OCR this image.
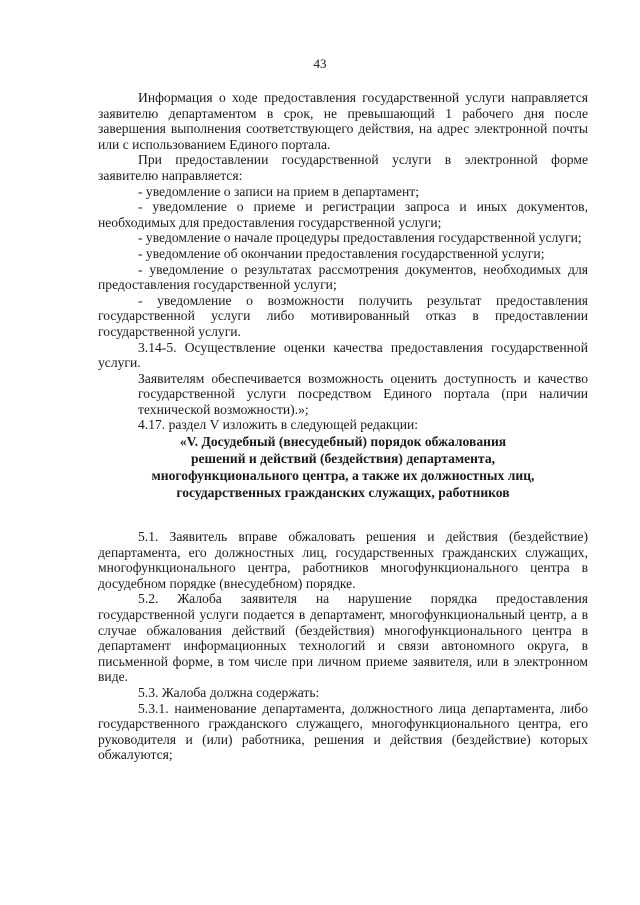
43

Информация о ходе предоставления государственной услуги направляется заявителю департаментом в срок, не превышающий 1 рабочего дня после завершения выполнения соответствующего действия, на адрес электронной почты или с использованием Единого портала.

При предоставлении государственной услуги в электронной форме заявителю направляется:

- уведомление о записи на прием в департамент;

- уведомление о приеме и регистрации запроса и иных документов, необходимых для предоставления государственной услуги;

- уведомление о начале процедуры предоставления государственной услуги;

- уведомление об окончании предоставления государственной услуги;

- уведомление о результатах рассмотрения документов, необходимых для предоставления государственной услуги;

- уведомление о возможности получить результат предоставления государственной услуги либо мотивированный отказ в предоставлении государственной услуги.

3.14-5. Осуществление оценки качества предоставления государственной услуги.

Заявителям обеспечивается возможность оценить доступность и качество государственной услуги посредством Единого портала (при наличии технической возможности).»;

4.17. раздел V изложить в следующей редакции:

«V. Досудебный (внесудебный) порядок обжалования
решений и действий (бездействия) департамента,
многофункционального центра, а также их должностных лиц,
государственных гражданских служащих, работников

5.1. Заявитель вправе обжаловать решения и действия (бездействие) департамента, его должностных лиц, государственных гражданских служащих, многофункционального центра, работников многофункционального центра в досудебном порядке (внесудебном) порядке.

5.2. Жалоба заявителя на нарушение порядка предоставления государственной услуги подается в департамент, многофункциональный центр, а в случае обжалования действий (бездействия) многофункционального центра в департамент информационных технологий и связи автономного округа, в письменной форме, в том числе при личном приеме заявителя, или в электронном виде.

5.3. Жалоба должна содержать:

5.3.1. наименование департамента, должностного лица департамента, либо государственного гражданского служащего, многофункционального центра, его руководителя и (или) работника, решения и действия (бездействие) которых обжалуются;
